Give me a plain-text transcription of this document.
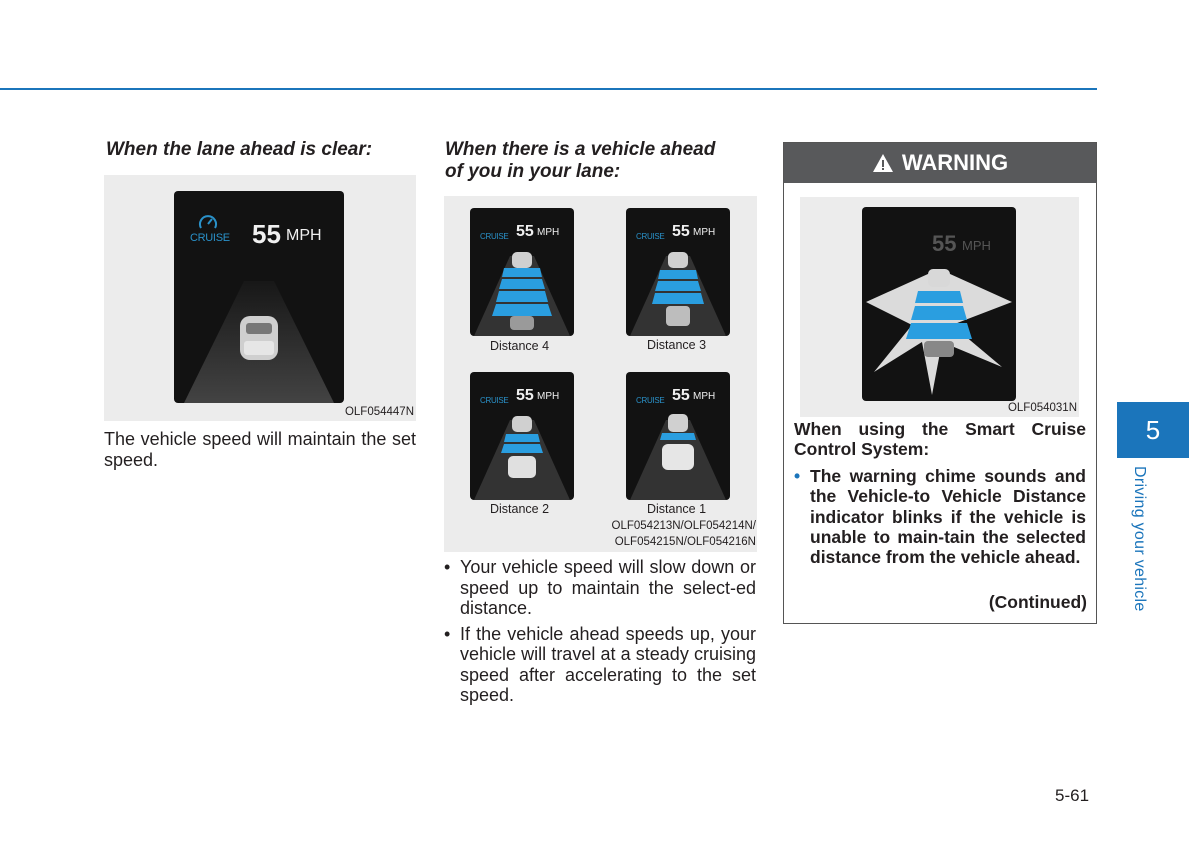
When the lane ahead is clear:
CRUISE 55 MPH
OLF054447N
The vehicle speed will maintain the set speed.
When there is a vehicle ahead
of you in your lane:
CRUISE 55 MPH
Distance 4
CRUISE 55 MPH
Distance 3
CRUISE 55 MPH
Distance 2
CRUISE 55 MPH
Distance 1
OLF054213N/OLF054214N/
OLF054215N/OLF054216N
• Your vehicle speed will slow down or speed up to maintain the select-ed distance.
• If the vehicle ahead speeds up, your vehicle will travel at a steady cruising speed after accelerating to the set speed.
WARNING
55 MPH
OLF054031N
When using the Smart Cruise Control System:
• The warning chime sounds and the Vehicle-to Vehicle Distance indicator blinks if the vehicle is unable to main-tain the selected distance from the vehicle ahead.
(Continued)
5
Driving your vehicle
5-61
